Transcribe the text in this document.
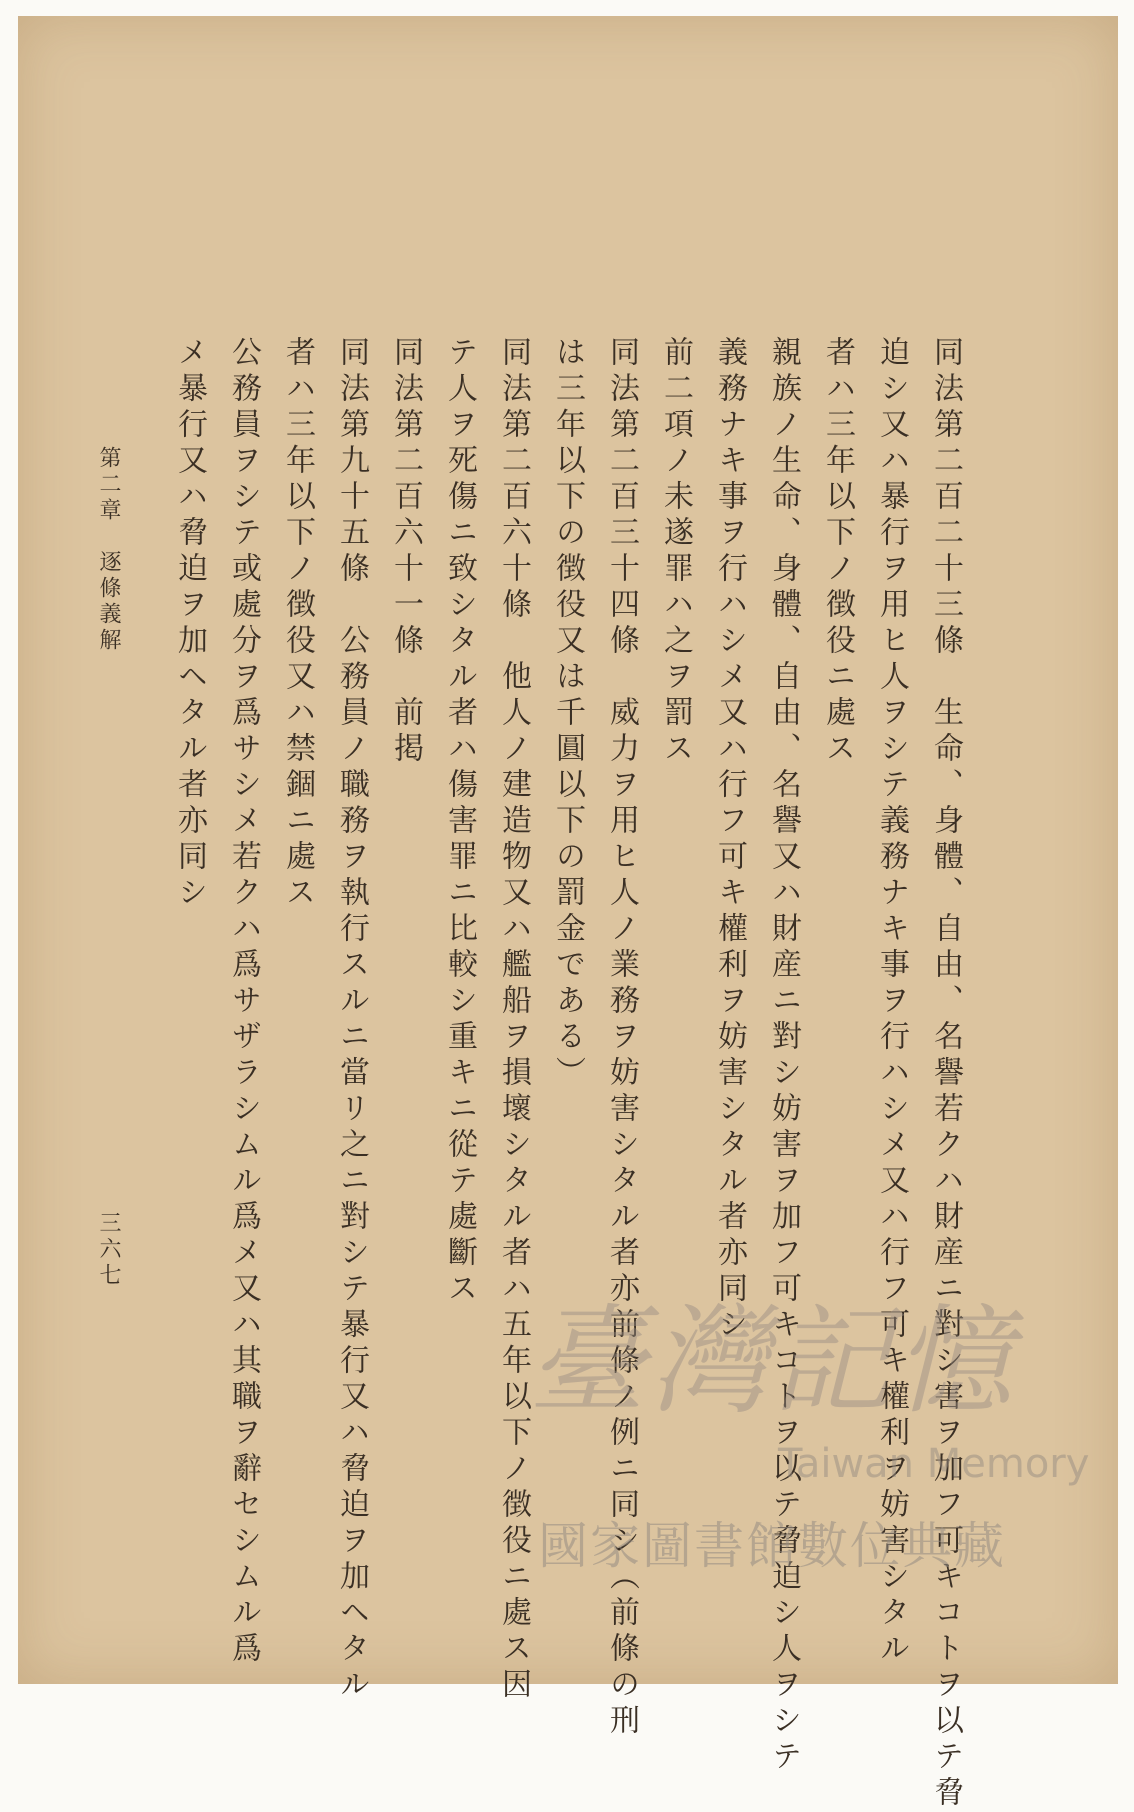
同法第二百二十三條　生命、身體、自由、名譽若クハ財産ニ對シ害ヲ加フ可キコトヲ以テ脅
迫シ又ハ暴行ヲ用ヒ人ヲシテ義務ナキ事ヲ行ハシメ又ハ行フ可キ權利ヲ妨害シタル
者ハ三年以下ノ徴役ニ處ス
親族ノ生命、身體、自由、名譽又ハ財産ニ對シ妨害ヲ加フ可キコトヲ以テ脅迫シ人ヲシテ
義務ナキ事ヲ行ハシメ又ハ行フ可キ權利ヲ妨害シタル者亦同シ
前二項ノ未遂罪ハ之ヲ罰ス
同法第二百三十四條　威力ヲ用ヒ人ノ業務ヲ妨害シタル者亦前條ノ例ニ同シ（前條の刑
は三年以下の徴役又は千圓以下の罰金である）
同法第二百六十條　他人ノ建造物又ハ艦船ヲ損壞シタル者ハ五年以下ノ徴役ニ處ス因
テ人ヲ死傷ニ致シタル者ハ傷害罪ニ比較シ重キニ從テ處斷ス
同法第二百六十一條　前掲
同法第九十五條　公務員ノ職務ヲ執行スルニ當リ之ニ對シテ暴行又ハ脅迫ヲ加ヘタル
者ハ三年以下ノ徴役又ハ禁錮ニ處ス
公務員ヲシテ或處分ヲ爲サシメ若クハ爲サザラシムル爲メ又ハ其職ヲ辭セシムル爲
メ暴行又ハ脅迫ヲ加ヘタル者亦同シ
第二章　逐條義解
三六七
臺灣記憶
Taiwan Memory
國家圖書館數位典藏
